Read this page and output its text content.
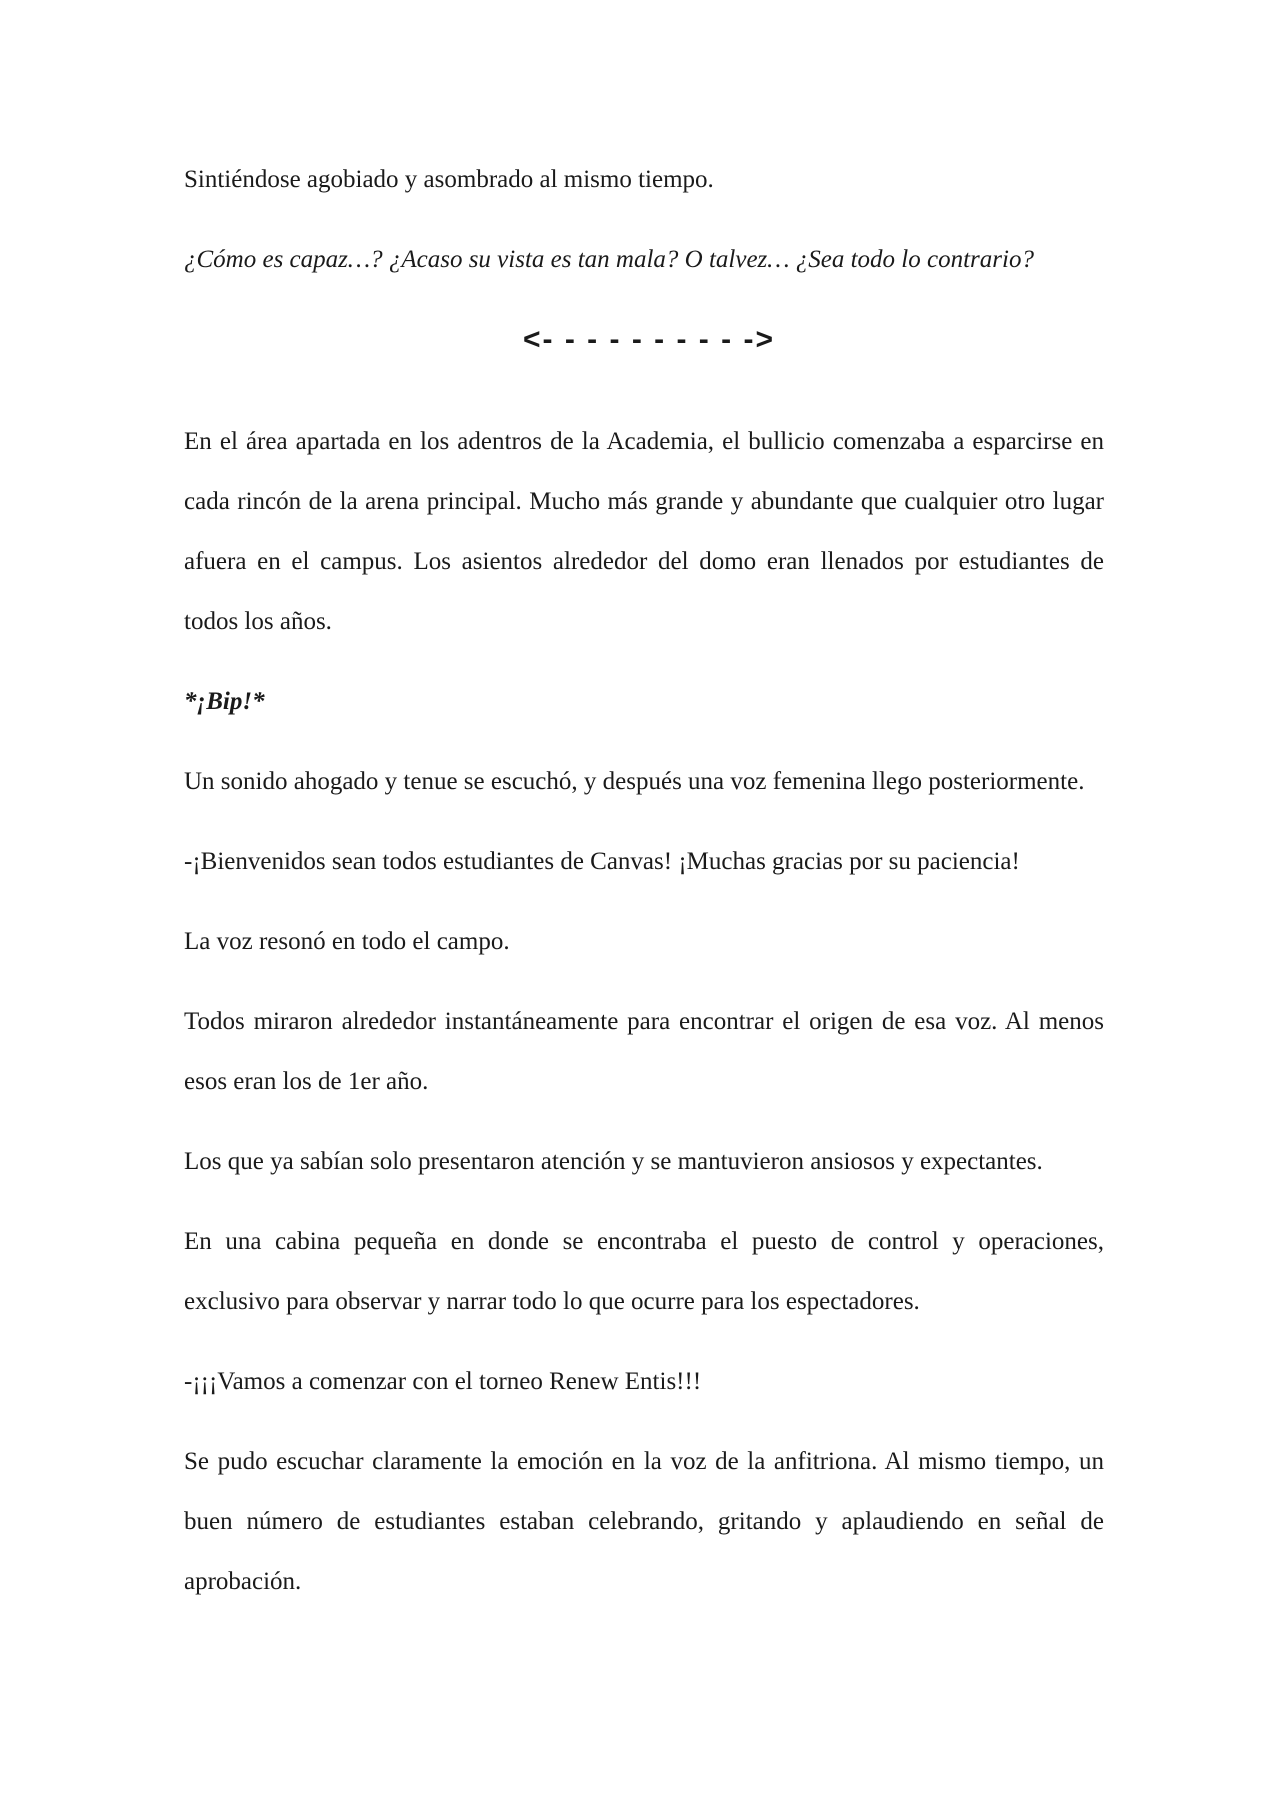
Sintiéndose agobiado y asombrado al mismo tiempo.

¿Cómo es capaz…? ¿Acaso su vista es tan mala? O talvez… ¿Sea todo lo contrario?

<- - - - - - - - - ->

En el área apartada en los adentros de la Academia, el bullicio comenzaba a esparcirse en cada rincón de la arena principal. Mucho más grande y abundante que cualquier otro lugar afuera en el campus. Los asientos alrededor del domo eran llenados por estudiantes de todos los años.

*¡Bip!*

Un sonido ahogado y tenue se escuchó, y después una voz femenina llego posteriormente.

-¡Bienvenidos sean todos estudiantes de Canvas! ¡Muchas gracias por su paciencia!

La voz resonó en todo el campo.

Todos miraron alrededor instantáneamente para encontrar el origen de esa voz. Al menos esos eran los de 1er año.

Los que ya sabían solo presentaron atención y se mantuvieron ansiosos y expectantes.

En una cabina pequeña en donde se encontraba el puesto de control y operaciones, exclusivo para observar y narrar todo lo que ocurre para los espectadores.

-¡¡¡Vamos a comenzar con el torneo Renew Entis!!!

Se pudo escuchar claramente la emoción en la voz de la anfitriona. Al mismo tiempo, un buen número de estudiantes estaban celebrando, gritando y aplaudiendo en señal de aprobación.
